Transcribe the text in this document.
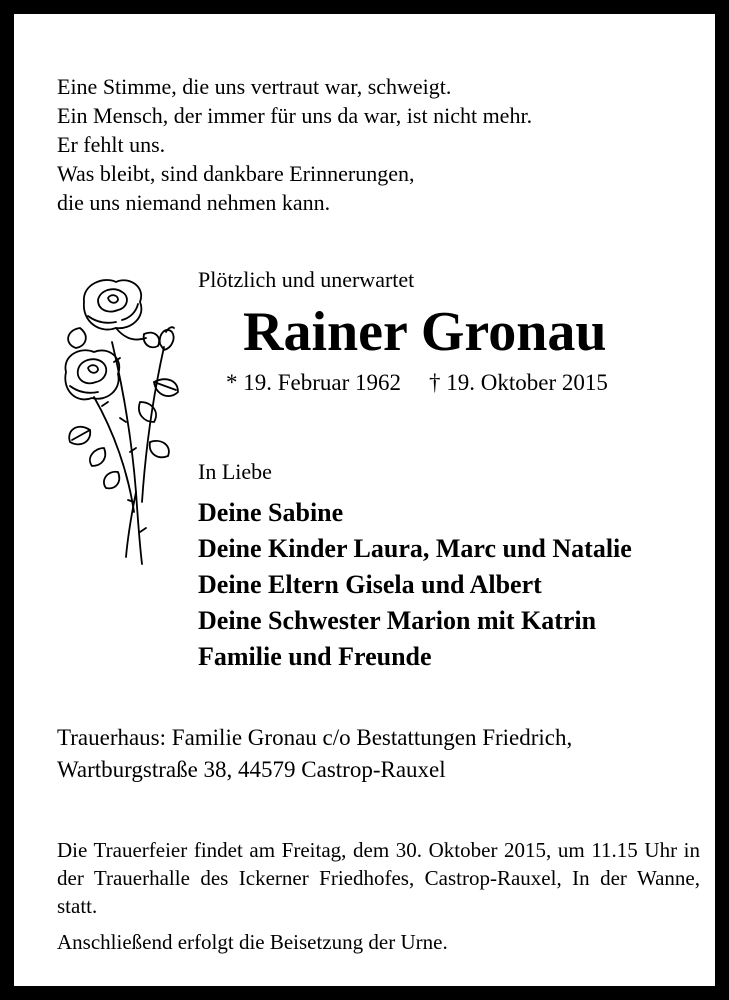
Eine Stimme, die uns vertraut war, schweigt.
Ein Mensch, der immer für uns da war, ist nicht mehr.
Er fehlt uns.
Was bleibt, sind dankbare Erinnerungen,
die uns niemand nehmen kann.
Plötzlich und unerwartet
Rainer Gronau
* 19. Februar 1962 † 19. Oktober 2015
In Liebe
Deine Sabine
Deine Kinder Laura, Marc und Natalie
Deine Eltern Gisela und Albert
Deine Schwester Marion mit Katrin
Familie und Freunde
Trauerhaus: Familie Gronau c/o Bestattungen Friedrich,
Wartburgstraße 38, 44579 Castrop-Rauxel
Die Trauerfeier findet am Freitag, dem 30. Oktober 2015, um 11.15 Uhr in der Trauerhalle des Ickerner Friedhofes, Castrop-Rauxel, In der Wanne, statt.
Anschließend erfolgt die Beisetzung der Urne.
